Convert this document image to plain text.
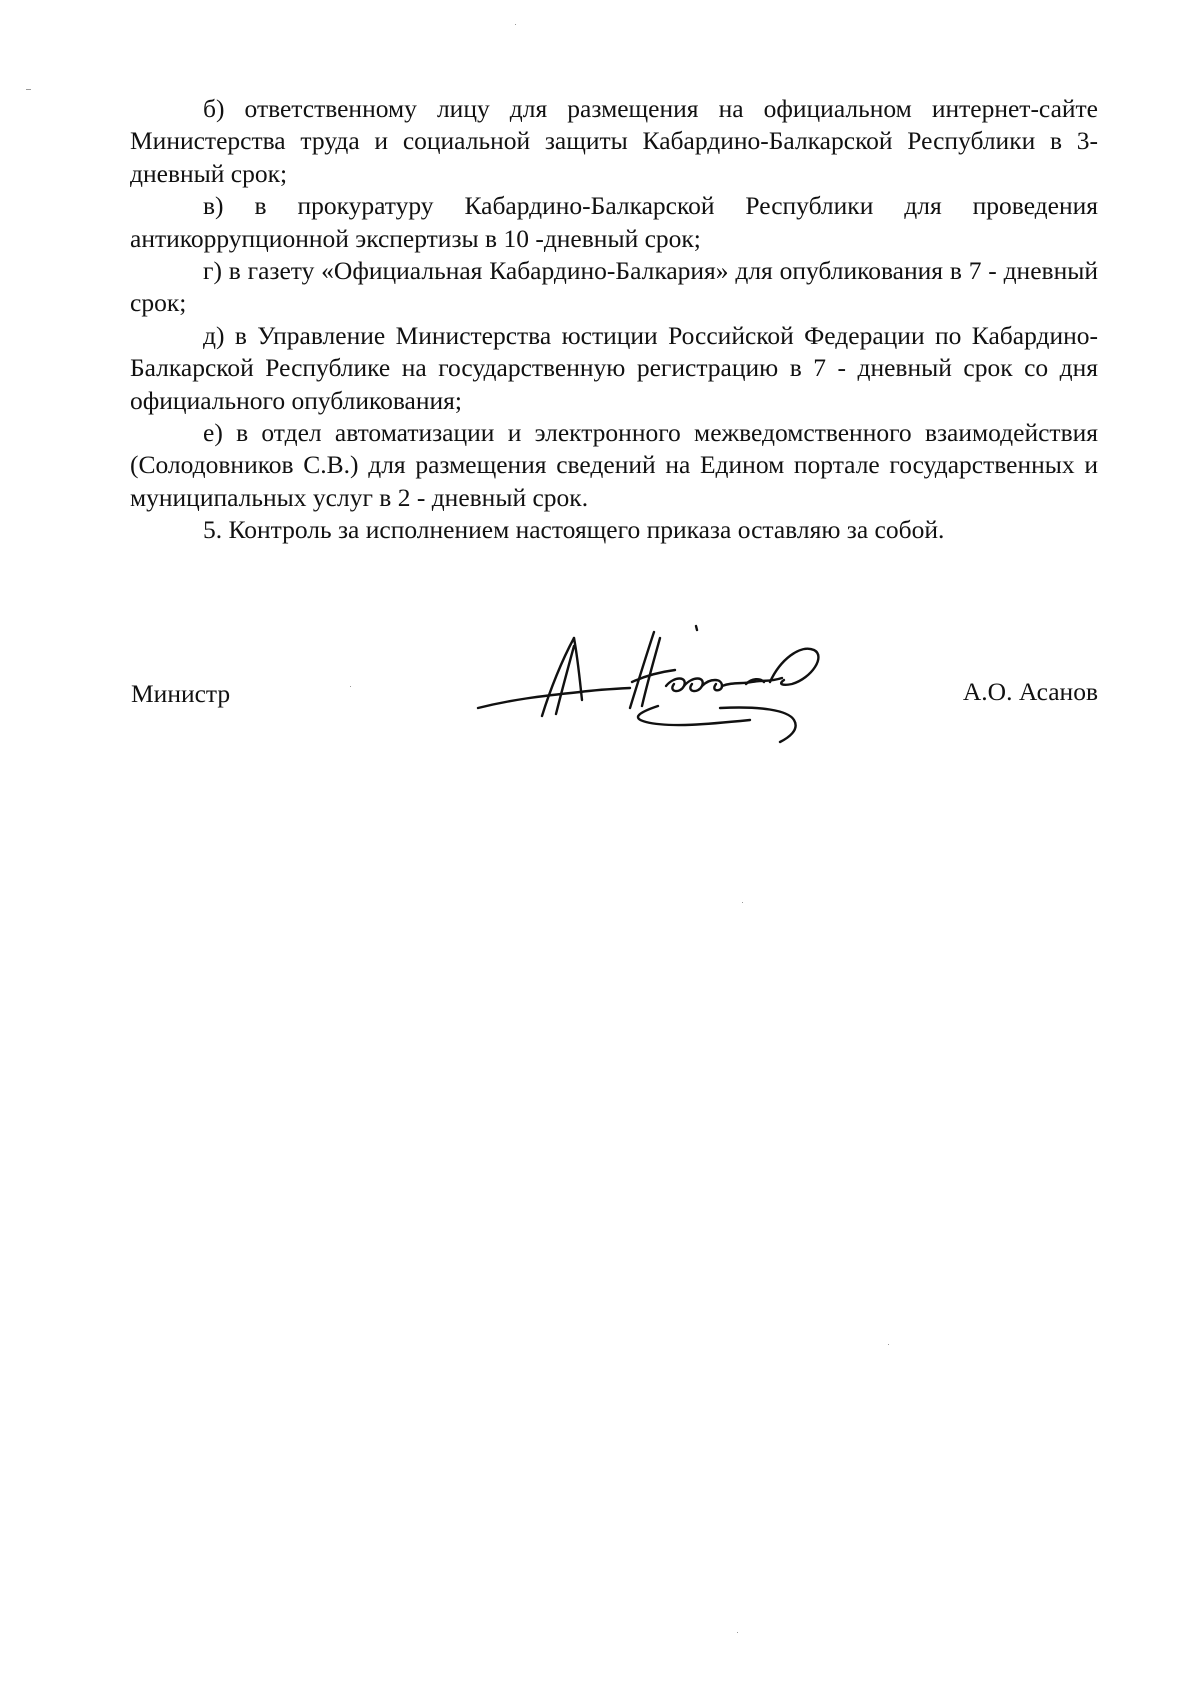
б) ответственному лицу для размещения на официальном интернет-сайте Министерства труда и социальной защиты Кабардино-Балкарской Республики в 3-дневный срок;

в) в прокуратуру Кабардино-Балкарской Республики для проведения антикоррупционной экспертизы в 10 -дневный срок;

г) в газету «Официальная Кабардино-Балкария» для опубликования в 7 - дневный срок;

д) в Управление Министерства юстиции Российской Федерации по Кабардино-Балкарской Республике на государственную регистрацию в 7 - дневный срок со дня официального опубликования;

е) в отдел автоматизации и электронного межведомственного взаимодействия (Солодовников С.В.) для размещения сведений на Едином портале государственных и муниципальных услуг в 2 - дневный срок.

5. Контроль за исполнением настоящего приказа оставляю за собой.

Министр	А.О. Асанов
